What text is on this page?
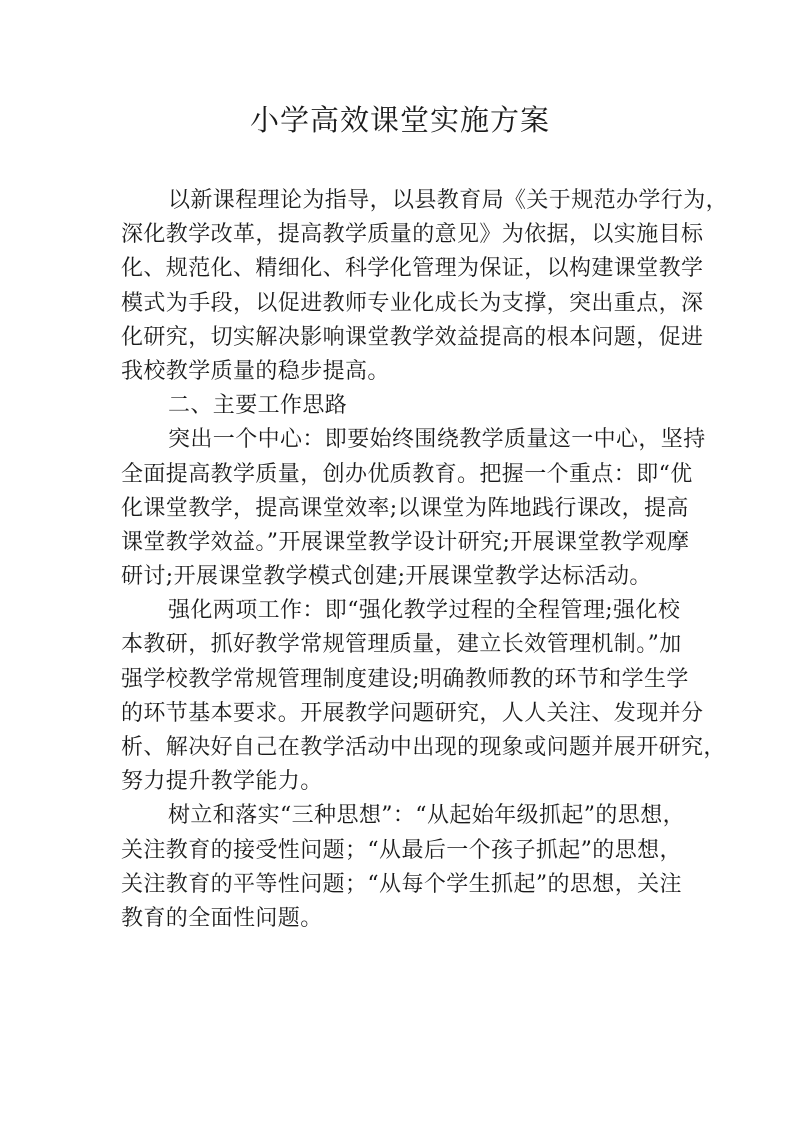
小学高效课堂实施方案
以新课程理论为指导，以县教育局《关于规范办学行为，
深化教学改革，提高教学质量的意见》为依据，以实施目标
化、规范化、精细化、科学化管理为保证，以构建课堂教学
模式为手段，以促进教师专业化成长为支撑，突出重点，深
化研究，切实解决影响课堂教学效益提高的根本问题，促进
我校教学质量的稳步提高。
二、主要工作思路
突出一个中心：即要始终围绕教学质量这一中心，坚持
全面提高教学质量，创办优质教育。把握一个重点：即“优
化课堂教学，提高课堂效率;以课堂为阵地践行课改，提高
课堂教学效益。”开展课堂教学设计研究;开展课堂教学观摩
研讨;开展课堂教学模式创建;开展课堂教学达标活动。
强化两项工作：即“强化教学过程的全程管理;强化校
本教研，抓好教学常规管理质量，建立长效管理机制。”加
强学校教学常规管理制度建设;明确教师教的环节和学生学
的环节基本要求。开展教学问题研究，人人关注、发现并分
析、解决好自己在教学活动中出现的现象或问题并展开研究，
努力提升教学能力。
树立和落实“三种思想”：“从起始年级抓起”的思想，
关注教育的接受性问题；“从最后一个孩子抓起”的思想，
关注教育的平等性问题；“从每个学生抓起”的思想，关注
教育的全面性问题。
